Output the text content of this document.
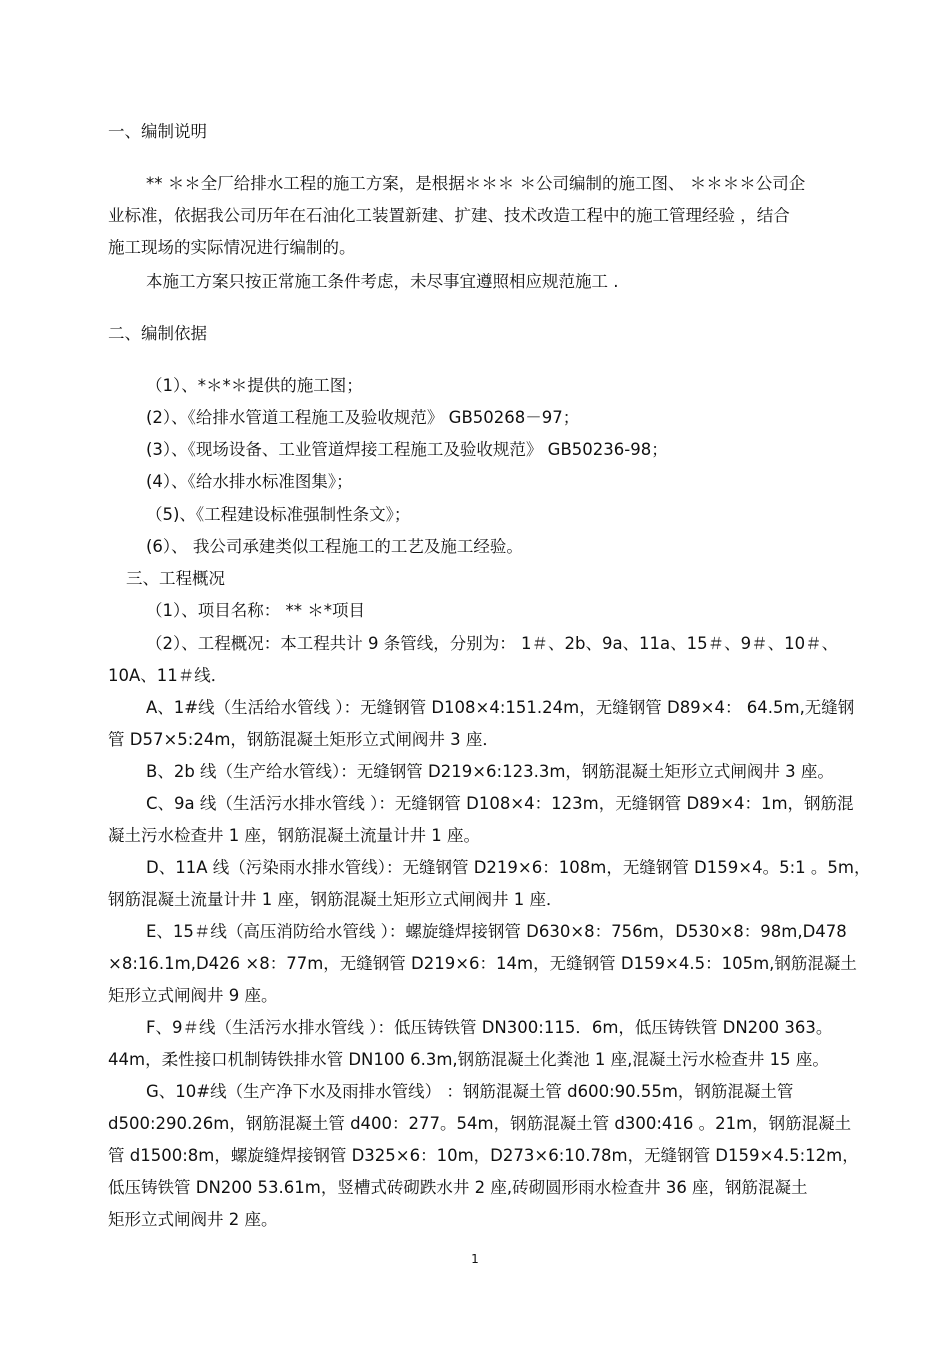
一、编制说明
** ＊＊全厂给排水工程的施工方案，是根据＊＊＊ ＊公司编制的施工图、 ＊＊＊＊公司企
业标准，依据我公司历年在石油化工装置新建、扩建、技术改造工程中的施工管理经验 ，结合
施工现场的实际情况进行编制的。
本施工方案只按正常施工条件考虑，未尽事宜遵照相应规范施工 .
二、编制依据
（1）、*＊*＊提供的施工图；
(2）、《给排水管道工程施工及验收规范》 GB50268－97；
(3）、《现场设备、工业管道焊接工程施工及验收规范》 GB50236-98；
(4）、《给水排水标准图集》；
（5)、《工程建设标准强制性条文》；
(6）、 我公司承建类似工程施工的工艺及施工经验。
三、工程概况
（1）、项目名称： ** ＊*项目
（2）、工程概况：本工程共计 9 条管线，分别为： 1＃、2b、9a、11a、15＃、9＃、10＃、
10A、11＃线．
A、1#线（生活给水管线 ）：无缝钢管 D108×4:151.24m，无缝钢管 D89×4： 64.5m,无缝钢
管 D57×5:24m，钢筋混凝土矩形立式闸阀井 3 座．
B、2b 线（生产给水管线）：无缝钢管 D219×6:123.3m，钢筋混凝土矩形立式闸阀井 3 座。
C、9a 线（生活污水排水管线 ）：无缝钢管 D108×4：123m，无缝钢管 D89×4：1m，钢筋混
凝土污水检查井 1 座，钢筋混凝土流量计井 1 座。
D、11A 线（污染雨水排水管线）：无缝钢管 D219×6：108m，无缝钢管 D159×4。5:1 。5m，
钢筋混凝土流量计井 1 座，钢筋混凝土矩形立式闸阀井 1 座．
E、15＃线（高压消防给水管线 ）：螺旋缝焊接钢管 D630×8：756m，D530×8：98m,D478
×8:16.1m,D426 ×8：77m，无缝钢管 D219×6：14m，无缝钢管 D159×4.5：105m,钢筋混凝土
矩形立式闸阀井 9 座。
F、9＃线（生活污水排水管线 ）：低压铸铁管 DN300:115．6m，低压铸铁管 DN200 363。
44m，柔性接口机制铸铁排水管 DN100 6.3m,钢筋混凝土化粪池 1 座,混凝土污水检查井 15 座。
G、10#线（生产净下水及雨排水管线） ：钢筋混凝土管 d600:90.55m，钢筋混凝土管
d500:290.26m，钢筋混凝土管 d400：277。54m，钢筋混凝土管 d300:416 。21m，钢筋混凝土
管 d1500:8m，螺旋缝焊接钢管 D325×6：10m，D273×6:10.78m，无缝钢管 D159×4.5:12m，
低压铸铁管 DN200 53.61m，竖槽式砖砌跌水井 2 座,砖砌圆形雨水检查井 36 座，钢筋混凝土
矩形立式闸阀井 2 座。
1
